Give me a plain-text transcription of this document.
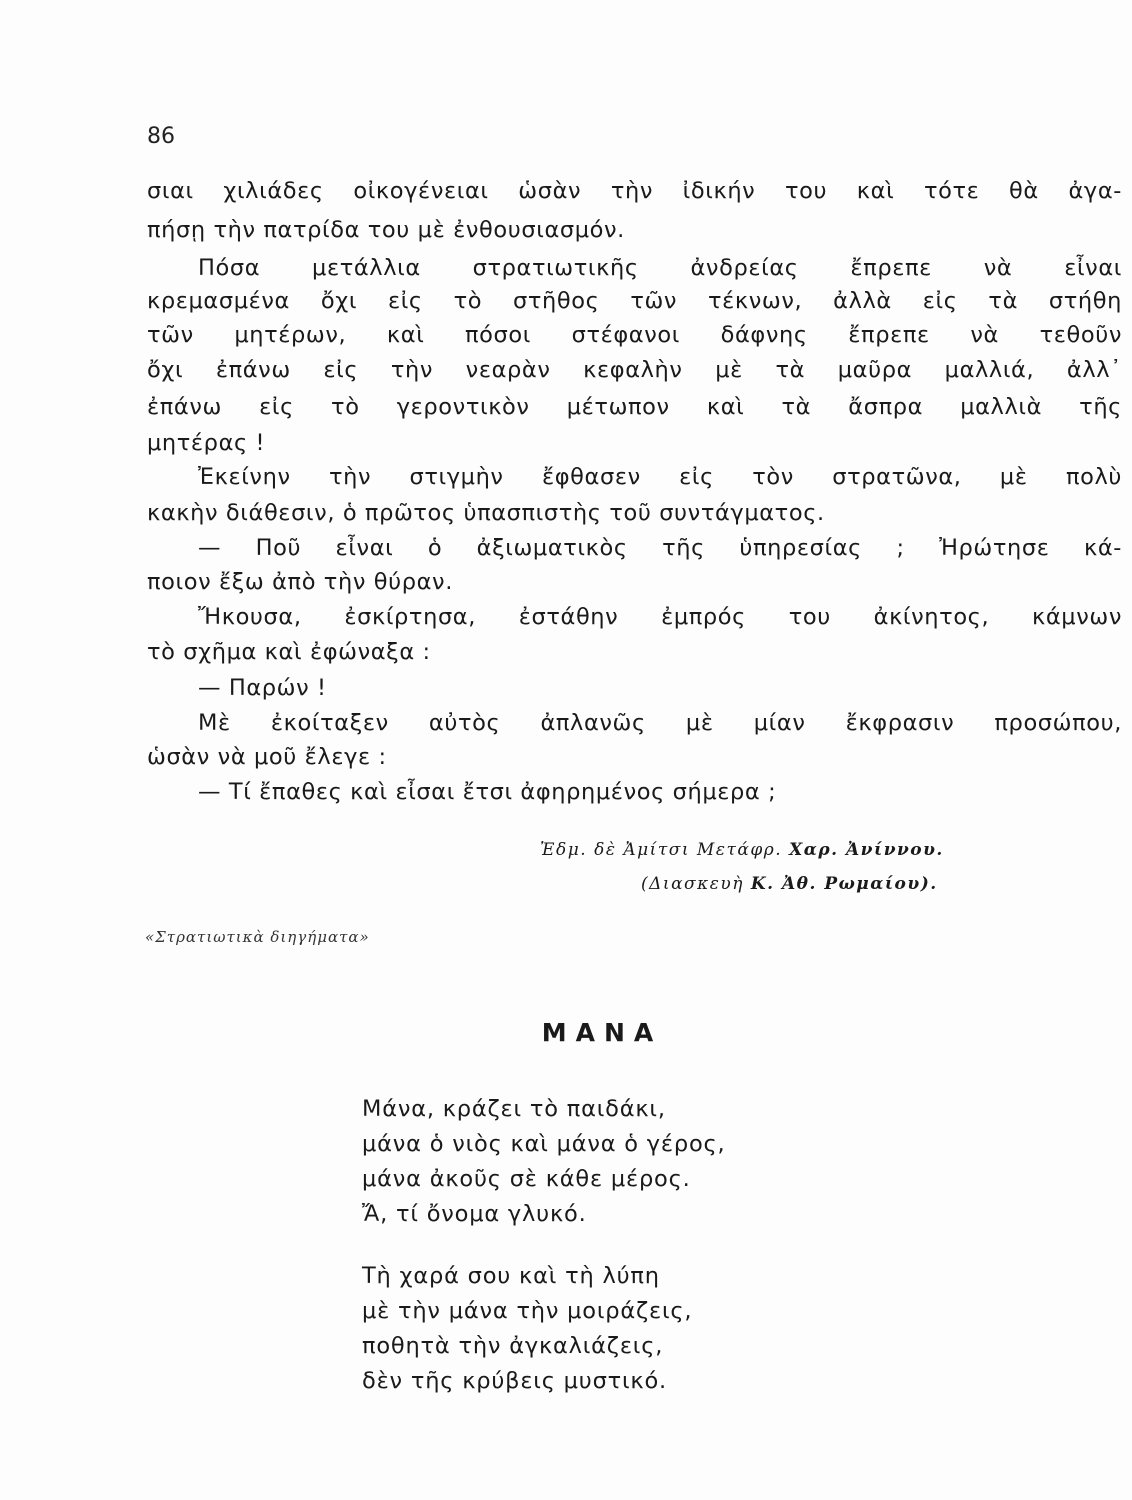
86
σιαι χιλιάδες οἰκογένειαι ὡσὰν τὴν ἰδικήν του καὶ τότε θὰ ἀγα-
πήσῃ τὴν πατρίδα του μὲ ἐνθουσιασμόν.
Πόσα μετάλλια στρατιωτικῆς ἀνδρείας ἔπρεπε νὰ εἶναι
κρεμασμένα ὄχι εἰς τὸ στῆθος τῶν τέκνων, ἀλλὰ εἰς τὰ στήθη
τῶν μητέρων, καὶ πόσοι στέφανοι δάφνης ἔπρεπε νὰ τεθοῦν
ὄχι ἐπάνω εἰς τὴν νεαρὰν κεφαλὴν μὲ τὰ μαῦρα μαλλιά, ἀλλ᾿
ἐπάνω εἰς τὸ γεροντικὸν μέτωπον καὶ τὰ ἄσπρα μαλλιὰ τῆς
μητέρας !
Ἐκείνην τὴν στιγμὴν ἔφθασεν εἰς τὸν στρατῶνα, μὲ πολὺ
κακὴν διάθεσιν, ὁ πρῶτος ὑπασπιστὴς τοῦ συντάγματος.
— Ποῦ εἶναι ὁ ἀξιωματικὸς τῆς ὑπηρεσίας ; Ἠρώτησε κά-
ποιον ἔξω ἀπὸ τὴν θύραν.
Ἤκουσα, ἐσκίρτησα, ἐστάθην ἐμπρός του ἀκίνητος, κάμνων
τὸ σχῆμα καὶ ἐφώναξα :
— Παρών !
Μὲ ἐκοίταξεν αὐτὸς ἀπλανῶς μὲ μίαν ἔκφρασιν προσώπου,
ὡσὰν νὰ μοῦ ἔλεγε :
— Τί ἔπαθες καὶ εἶσαι ἔτσι ἀφηρημένος σήμερα ;
Ἐδμ. δὲ Ἀμίτσι Μετάφρ. Χαρ. Ἀνίννου.
(Διασκευὴ Κ. Ἀθ. Ρωμαίου).
«Στρατιωτικὰ διηγήματα»
ΜΑΝΑ
Μάνα, κράζει τὸ παιδάκι,
μάνα ὁ νιὸς καὶ μάνα ὁ γέρος,
μάνα ἀκοῦς σὲ κάθε μέρος.
Ἄ, τί ὄνομα γλυκό.
Τὴ χαρά σου καὶ τὴ λύπη
μὲ τὴν μάνα τὴν μοιράζεις,
ποθητὰ τὴν ἀγκαλιάζεις,
δὲν τῆς κρύβεις μυστικό.
